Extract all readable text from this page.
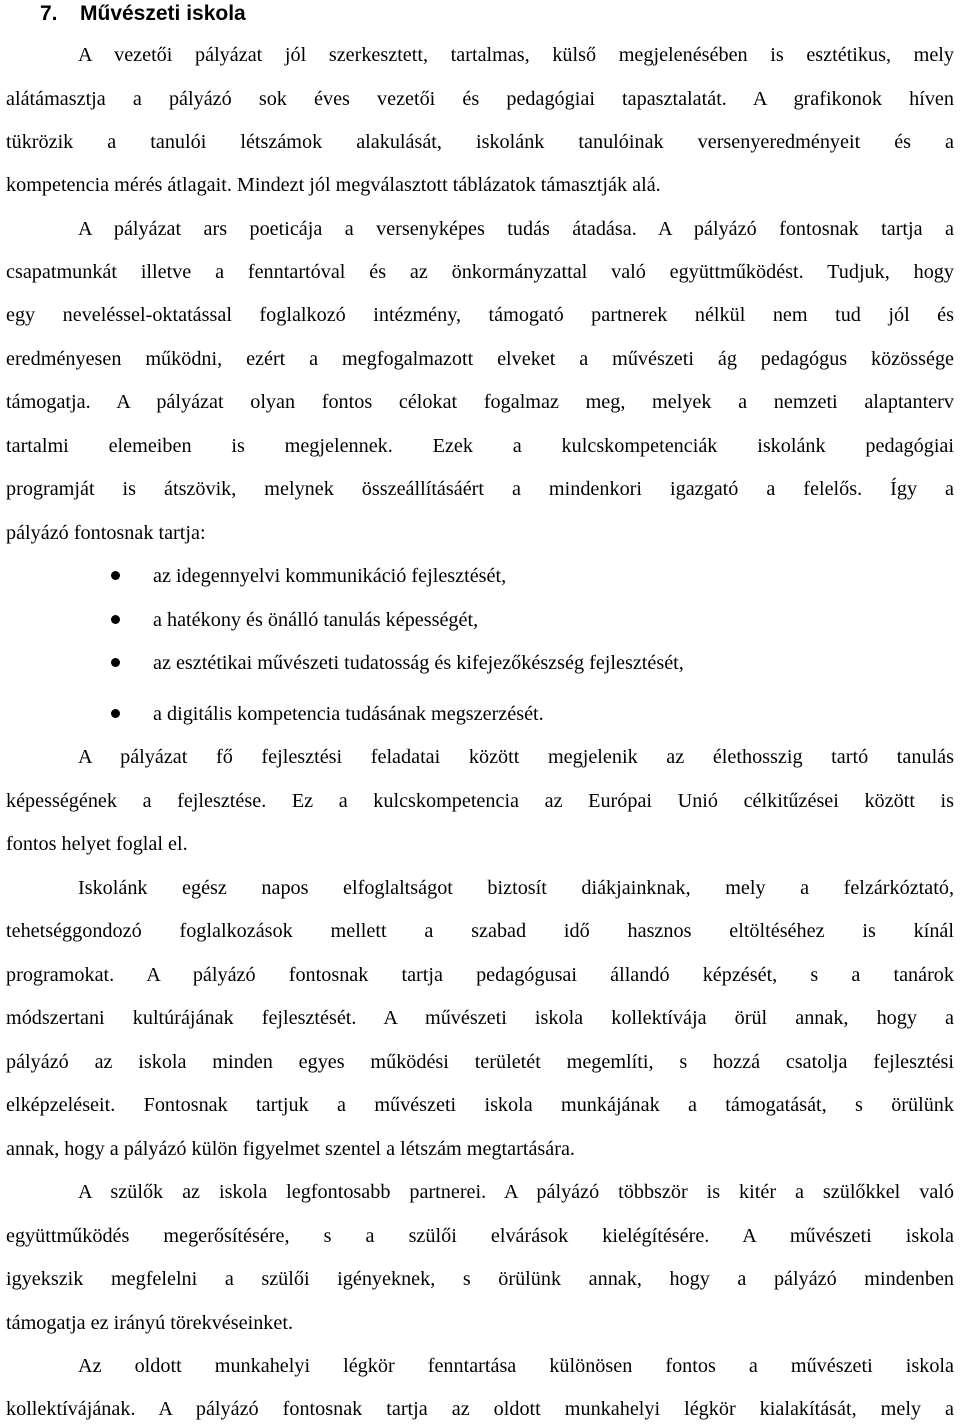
7. Művészeti iskola
A vezetői pályázat jól szerkesztett, tartalmas, külső megjelenésében is esztétikus, mely
alátámasztja a pályázó sok éves vezetői és pedagógiai tapasztalatát. A grafikonok híven
tükrözik a tanulói létszámok alakulását, iskolánk tanulóinak versenyeredményeit és a
kompetencia mérés átlagait. Mindezt jól megválasztott táblázatok támasztják alá.
A pályázat ars poeticája a versenyképes tudás átadása. A pályázó fontosnak tartja a
csapatmunkát illetve a fenntartóval és az önkormányzattal való együttműködést. Tudjuk, hogy
egy neveléssel-oktatással foglalkozó intézmény, támogató partnerek nélkül nem tud jól és
eredményesen működni, ezért a megfogalmazott elveket a művészeti ág pedagógus közössége
támogatja. A pályázat olyan fontos célokat fogalmaz meg, melyek a nemzeti alaptanterv
tartalmi elemeiben is megjelennek. Ezek a kulcskompetenciák iskolánk pedagógiai
programját is átszövik, melynek összeállításáért a mindenkori igazgató a felelős. Így a
pályázó fontosnak tartja:
az idegennyelvi kommunikáció fejlesztését,
a hatékony és önálló tanulás képességét,
az esztétikai művészeti tudatosság és kifejezőkészség fejlesztését,
a digitális kompetencia tudásának megszerzését.
A pályázat fő fejlesztési feladatai között megjelenik az élethosszig tartó tanulás
képességének a fejlesztése. Ez a kulcskompetencia az Európai Unió célkitűzései között is
fontos helyet foglal el.
Iskolánk egész napos elfoglaltságot biztosít diákjainknak, mely a felzárkóztató,
tehetséggondozó foglalkozások mellett a szabad idő hasznos eltöltéséhez is kínál
programokat. A pályázó fontosnak tartja pedagógusai állandó képzését, s a tanárok
módszertani kultúrájának fejlesztését. A művészeti iskola kollektívája örül annak, hogy a
pályázó az iskola minden egyes működési területét megemlíti, s hozzá csatolja fejlesztési
elképzeléseit. Fontosnak tartjuk a művészeti iskola munkájának a támogatását, s örülünk
annak, hogy a pályázó külön figyelmet szentel a létszám megtartására.
A szülők az iskola legfontosabb partnerei. A pályázó többször is kitér a szülőkkel való
együttműködés megerősítésére, s a szülői elvárások kielégítésére. A művészeti iskola
igyekszik megfelelni a szülői igényeknek, s örülünk annak, hogy a pályázó mindenben
támogatja ez irányú törekvéseinket.
Az oldott munkahelyi légkör fenntartása különösen fontos a művészeti iskola
kollektívájának. A pályázó fontosnak tartja az oldott munkahelyi légkör kialakítását, mely a
